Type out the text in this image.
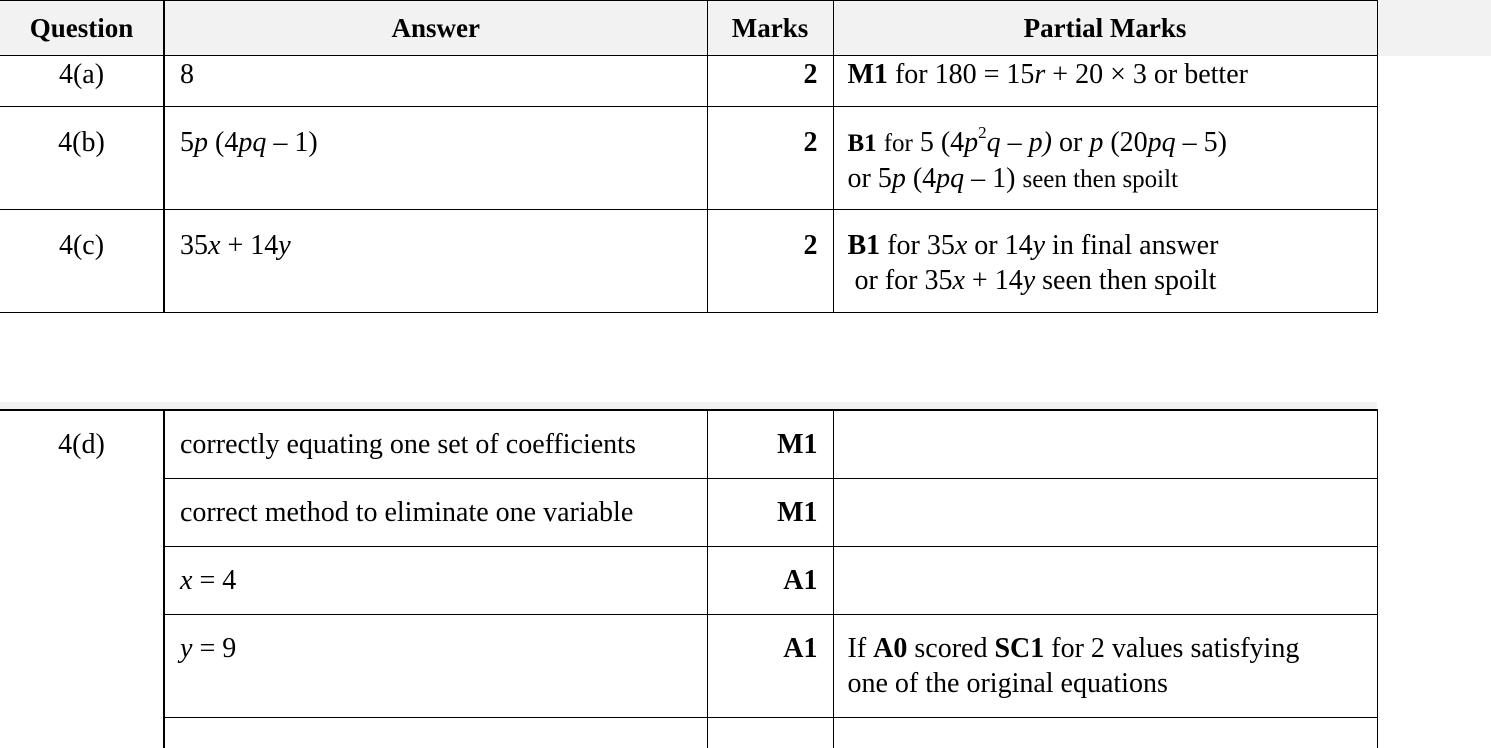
Question	Answer	Marks	Partial Marks

4(a)	8	2	M1 for 180 = 15r + 20 × 3 or better

4(b)	5p (4pq – 1)	2	B1 for 5 $(4p^2q - p)$ or p (20pq – 5)
or 5p (4pq – 1) seen then spoilt

4(c)	35x + 14y	2	B1 for 35x or 14y in final answer
or for 35x + 14y seen then spoilt
4(d)	correctly equating one set of coefficients	M1	

	correct method to eliminate one variable	M1	

	x = 4	A1	

	y = 9	A1	If A0 scored SC1 for 2 values satisfying
one of the original equations
